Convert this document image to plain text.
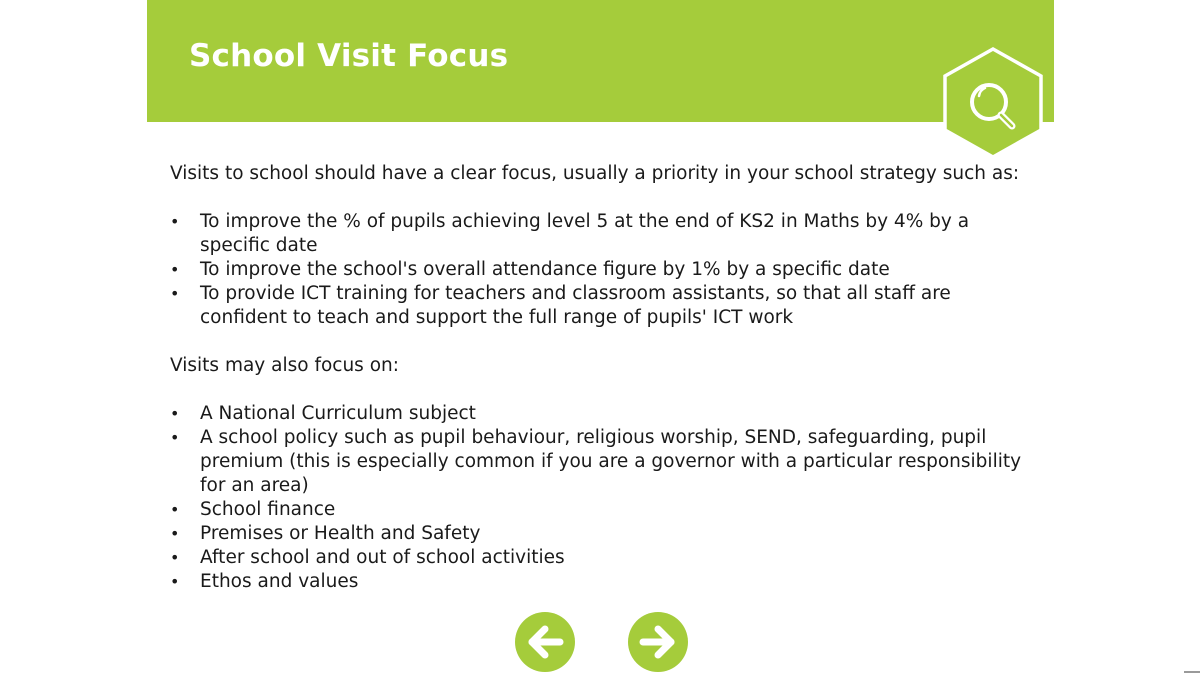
School Visit Focus

Visits to school should have a clear focus, usually a priority in your school strategy such as:

• To improve the % of pupils achieving level 5 at the end of KS2 in Maths by 4% by a specific date
• To improve the school's overall attendance figure by 1% by a specific date
• To provide ICT training for teachers and classroom assistants, so that all staff are confident to teach and support the full range of pupils' ICT work

Visits may also focus on:

• A National Curriculum subject
• A school policy such as pupil behaviour, religious worship, SEND, safeguarding, pupil premium (this is especially common if you are a governor with a particular responsibility for an area)
• School finance
• Premises or Health and Safety
• After school and out of school activities
• Ethos and values
